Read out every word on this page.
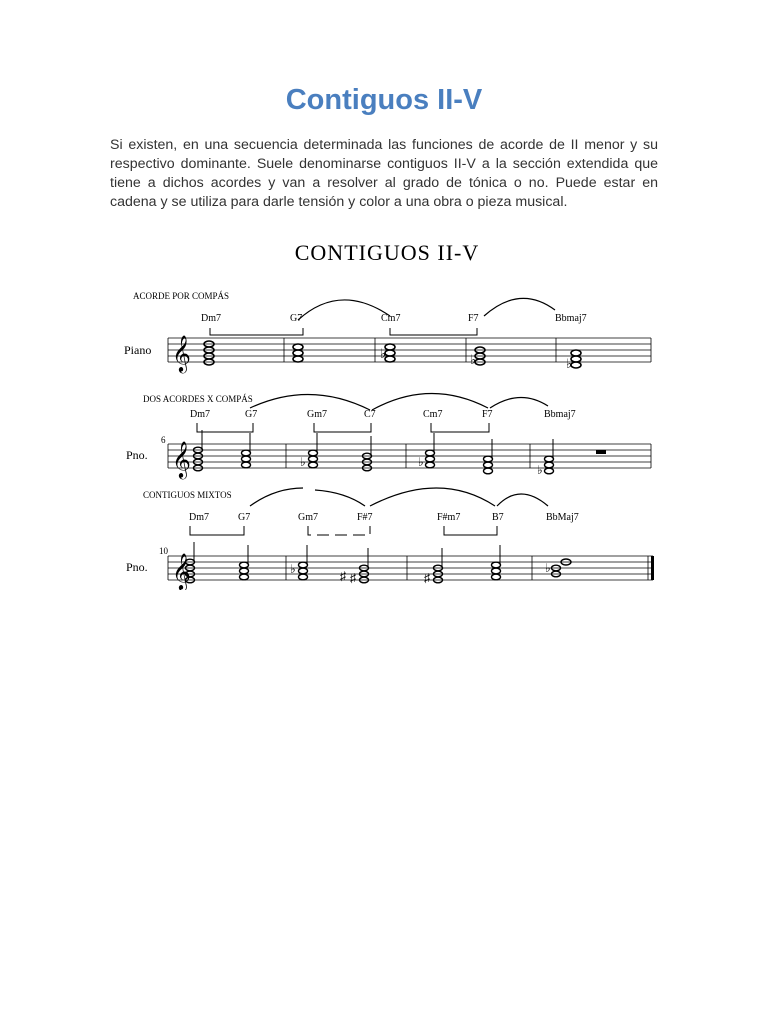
Contiguos II-V

Si existen, en una secuencia determinada las funciones de acorde de II menor y su respectivo dominante. Suele denominarse contiguos II-V a la sección extendida que tiene a dichos acordes y van a resolver al grado de tónica o no. Puede estar en cadena y se utiliza para darle tensión y color a una obra o pieza musical.

CONTIGUOS II-V
ACORDE POR COMPÁS
Dm7	G7	Cm7	F7	Bbmaj7
Piano 𝄞	♭	♭	♭
DOS ACORDES X COMPÁS
Dm7	G7	Gm7	C7	Cm7	F7	Bbmaj7
6
Pno. 𝄞	♭	♭
♭
CONTIGUOS MIXTOS
Dm7	G7	Gm7	F#7	F#m7	B7	BbMaj7
10
Pno. 𝄞	♭	♯ ♯	♯
♭
